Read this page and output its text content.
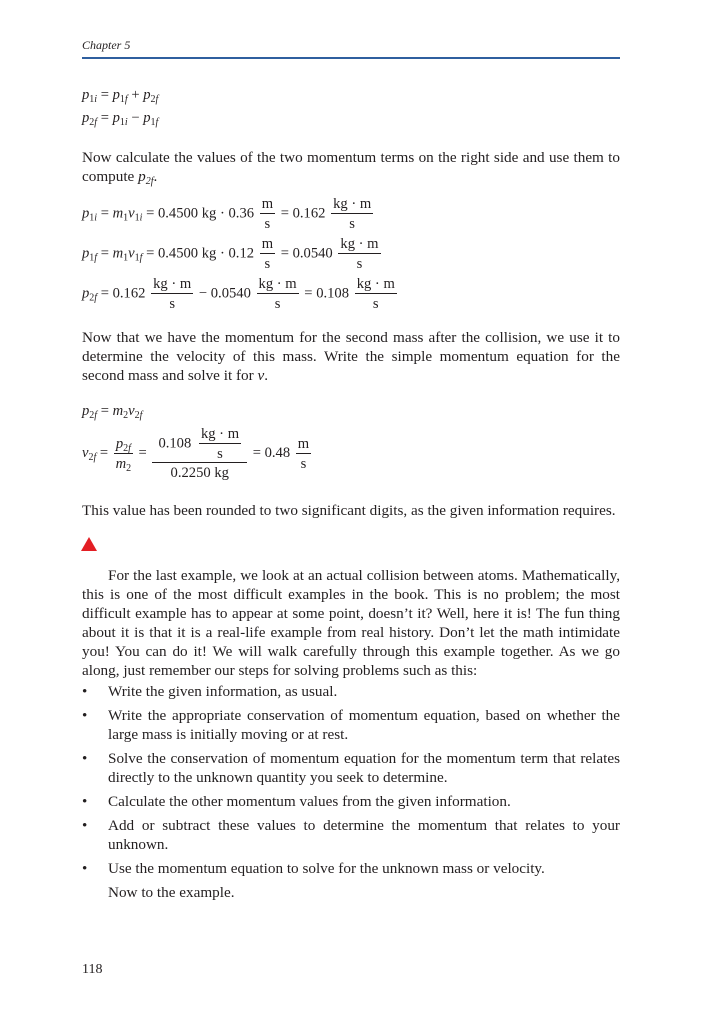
Chapter 5
$p_{1i} = p_{1f} + p_{2f}$
$p_{2f} = p_{1i} - p_{1f}$
Now calculate the values of the two momentum terms on the right side and use them to compute $p_{2f}$.
$p_{1i} = m_1v_{1i} = 0.4500$ kg · $0.36 \frac{m}{s} = 0.162 \frac{kg \cdot m}{s}$
$p_{1f} = m_1v_{1f} = 0.4500$ kg · $0.12 \frac{m}{s} = 0.0540 \frac{kg \cdot m}{s}$
$p_{2f} = 0.162 \frac{kg \cdot m}{s} - 0.0540 \frac{kg \cdot m}{s} = 0.108 \frac{kg \cdot m}{s}$
Now that we have the momentum for the second mass after the collision, we use it to determine the velocity of this mass. Write the simple momentum equation for the second mass and solve it for v.
$p_{2f} = m_2v_{2f}$
$v_{2f} = \frac{p_{2f}}{m_2} = \frac{0.108 \frac{kg \cdot m}{s}}{0.2250 kg} = 0.48 \frac{m}{s}$
This value has been rounded to two significant digits, as the given information requires.
For the last example, we look at an actual collision between atoms. Mathematically, this is one of the most difficult examples in the book. This is no problem; the most difficult example has to appear at some point, doesn’t it? Well, here it is! The fun thing about it is that it is a real-life example from real history. Don’t let the math intimidate you! You can do it! We will walk carefully through this example together. As we go along, just remember our steps for solving problems such as this:
• Write the given information, as usual.
• Write the appropriate conservation of momentum equation, based on whether the large mass is initially moving or at rest.
• Solve the conservation of momentum equation for the momentum term that relates directly to the unknown quantity you seek to determine.
• Calculate the other momentum values from the given information.
• Add or subtract these values to determine the momentum that relates to your unknown.
• Use the momentum equation to solve for the unknown mass or velocity.
Now to the example.
118
